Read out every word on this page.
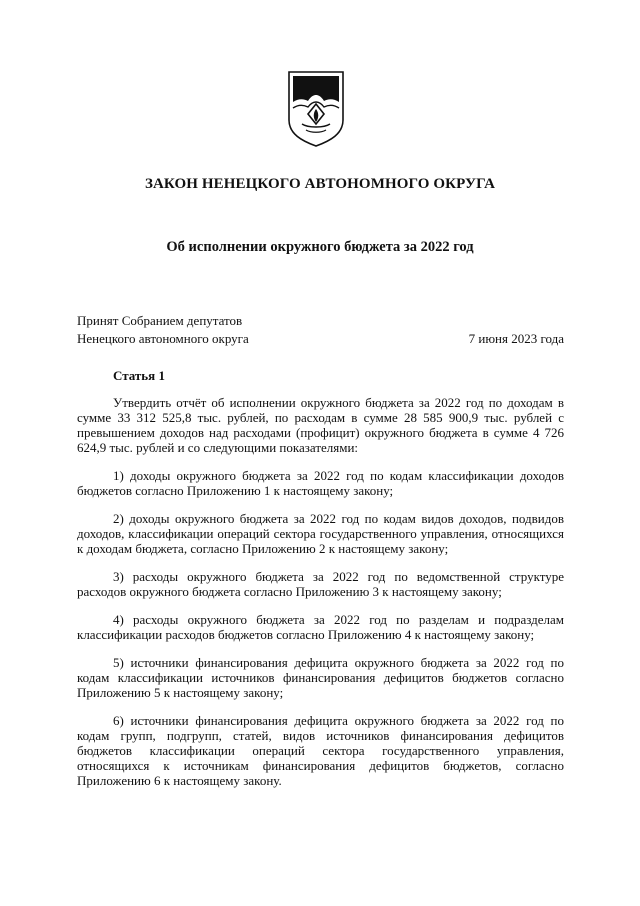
ЗАКОН НЕНЕЦКОГО АВТОНОМНОГО ОКРУГА
Об исполнении окружного бюджета за 2022 год
Принят Собранием депутатов
Ненецкого автономного округа	7 июня 2023 года
Статья 1

Утвердить отчёт об исполнении окружного бюджета за 2022 год по доходам в сумме 33 312 525,8 тыс. рублей, по расходам в сумме 28 585 900,9 тыс. рублей с превышением доходов над расходами (профицит) окружного бюджета в сумме 4 726 624,9 тыс. рублей и со следующими показателями:

1) доходы окружного бюджета за 2022 год по кодам классификации доходов бюджетов согласно Приложению 1 к настоящему закону;

2) доходы окружного бюджета за 2022 год по кодам видов доходов, подвидов доходов, классификации операций сектора государственного управления, относящихся к доходам бюджета, согласно Приложению 2 к настоящему закону;

3) расходы окружного бюджета за 2022 год по ведомственной структуре расходов окружного бюджета согласно Приложению 3 к настоящему закону;

4) расходы окружного бюджета за 2022 год по разделам и подразделам классификации расходов бюджетов согласно Приложению 4 к настоящему закону;

5) источники финансирования дефицита окружного бюджета за 2022 год по кодам классификации источников финансирования дефицитов бюджетов согласно Приложению 5 к настоящему закону;

6) источники финансирования дефицита окружного бюджета за 2022 год по кодам групп, подгрупп, статей, видов источников финансирования дефицитов бюджетов классификации операций сектора государственного управления, относящихся к источникам финансирования дефицитов бюджетов, согласно Приложению 6 к настоящему закону.
